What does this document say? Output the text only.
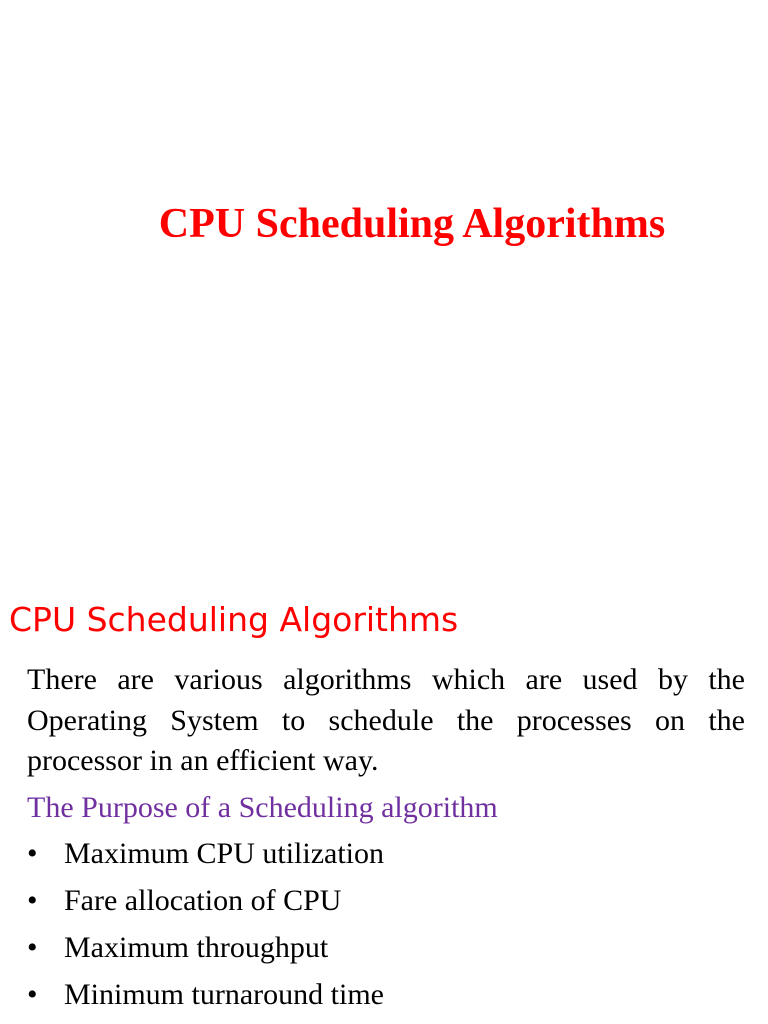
CPU Scheduling Algorithms
CPU Scheduling Algorithms

There are various algorithms which are used by the
Operating System to schedule the processes on the
processor in an efficient way.

The Purpose of a Scheduling algorithm

• Maximum CPU utilization
• Fare allocation of CPU
• Maximum throughput
• Minimum turnaround time
